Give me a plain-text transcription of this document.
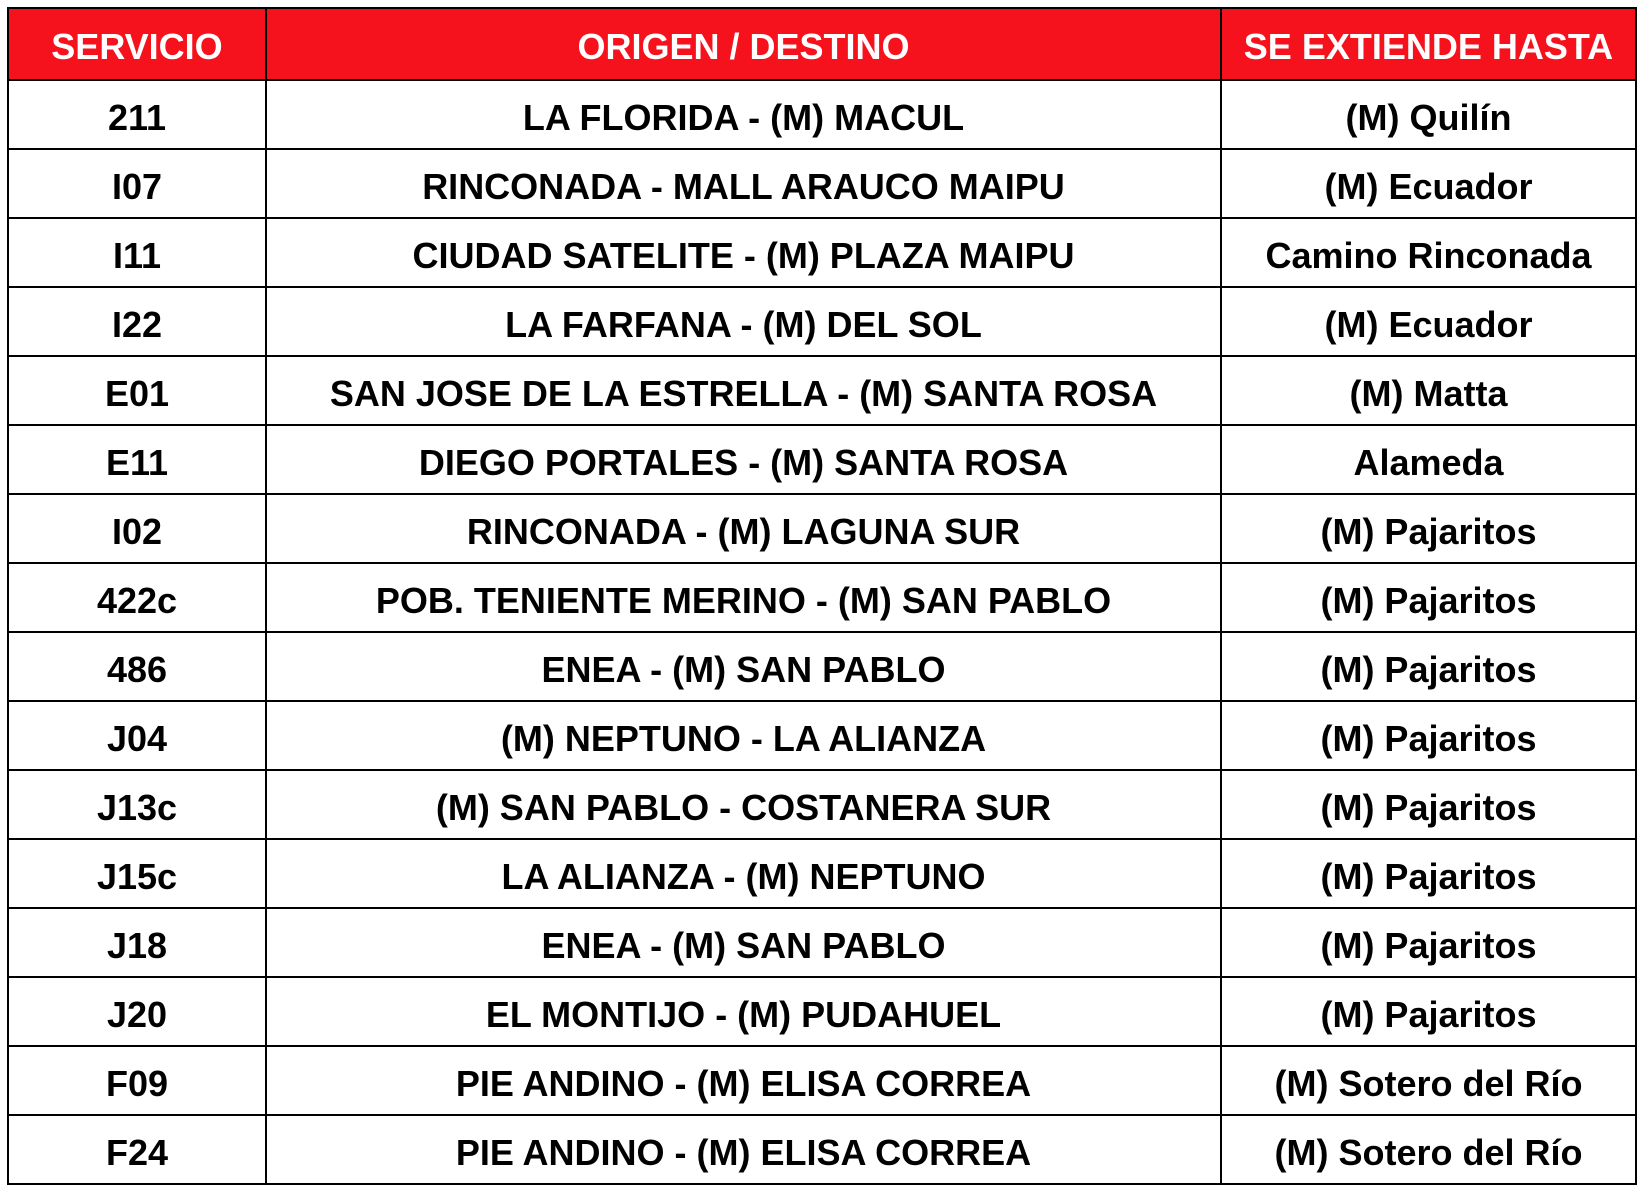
SERVICIO	ORIGEN / DESTINO	SE EXTIENDE HASTA
211	LA FLORIDA - (M) MACUL	(M) Quilín
I07	RINCONADA - MALL ARAUCO MAIPU	(M) Ecuador
I11	CIUDAD SATELITE - (M) PLAZA MAIPU	Camino Rinconada
I22	LA FARFANA - (M) DEL SOL	(M) Ecuador
E01	SAN JOSE DE LA ESTRELLA - (M) SANTA ROSA	(M) Matta
E11	DIEGO PORTALES - (M) SANTA ROSA	Alameda
I02	RINCONADA - (M) LAGUNA SUR	(M) Pajaritos
422c	POB. TENIENTE MERINO - (M) SAN PABLO	(M) Pajaritos
486	ENEA - (M) SAN PABLO	(M) Pajaritos
J04	(M) NEPTUNO - LA ALIANZA	(M) Pajaritos
J13c	(M) SAN PABLO - COSTANERA SUR	(M) Pajaritos
J15c	LA ALIANZA - (M) NEPTUNO	(M) Pajaritos
J18	ENEA - (M) SAN PABLO	(M) Pajaritos
J20	EL MONTIJO - (M) PUDAHUEL	(M) Pajaritos
F09	PIE ANDINO - (M) ELISA CORREA	(M) Sotero del Río
F24	PIE ANDINO - (M) ELISA CORREA	(M) Sotero del Río
